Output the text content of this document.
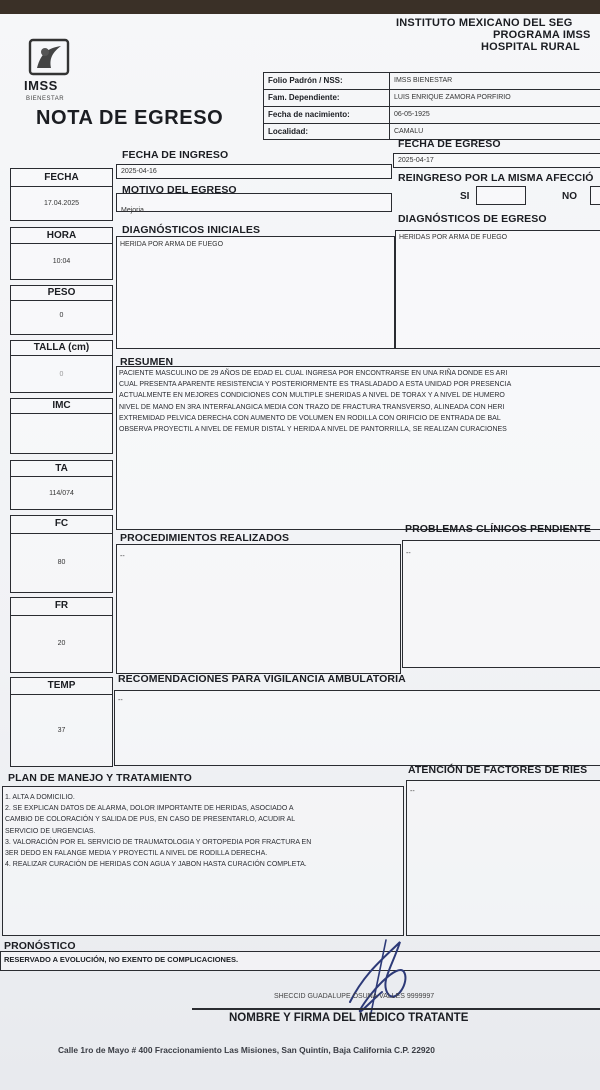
IMSS
BIENESTAR
NOTA DE EGRESO
INSTITUTO MEXICANO DEL SEG
PROGRAMA IMSS
HOSPITAL RURAL
Folio Padrón / NSS:	IMSS BIENESTAR
Fam. Dependiente:	LUIS ENRIQUE ZAMORA PORFIRIO
Fecha de nacimiento:	06-05-1925
Localidad:	CAMALU
FECHA DE INGRESO
2025-04-16
FECHA DE EGRESO
2025-04-17
MOTIVO DEL EGRESO
Mejoria
REINGRESO POR LA MISMA AFECCIÓ
SI	NO
FECHA
17.04.2025
HORA
10:04
PESO
0
TALLA (cm)
0
IMC
TA
114/074
FC
80
FR
20
TEMP
37
DIAGNÓSTICOS INICIALES
HERIDA POR ARMA DE FUEGO
DIAGNÓSTICOS DE EGRESO
HERIDAS POR ARMA DE FUEGO
RESUMEN
PACIENTE MASCULINO DE 29 AÑOS DE EDAD EL CUAL INGRESA POR ENCONTRARSE EN UNA RIÑA DONDE ES ARI
CUAL PRESENTA APARENTE RESISTENCIA Y POSTERIORMENTE ES TRASLADADO A ESTA UNIDAD POR PRESENCIA
ACTUALMENTE EN MEJORES CONDICIONES CON MULTIPLE SHERIDAS A NIVEL DE TORAX Y A NIVEL DE HUMERO
NIVEL DE MANO EN 3RA INTERFALANGICA MEDIA CON TRAZO DE FRACTURA TRANSVERSO, ALINEADA CON HERI
EXTREMIDAD PELVICA DERECHA CON AUMENTO DE VOLUMEN EN RODILLA CON ORIFICIO DE ENTRADA DE BAL
OBSERVA PROYECTIL A NIVEL DE FEMUR DISTAL Y HERIDA A NIVEL DE PANTORRILLA, SE REALIZAN CURACIONES
PROCEDIMIENTOS REALIZADOS
--
PROBLEMAS CLÍNICOS PENDIENTE
--
RECOMENDACIONES PARA VIGILANCIA AMBULATORIA
--
PLAN DE MANEJO Y TRATAMIENTO
1. ALTA A DOMICILIO.
2. SE EXPLICAN DATOS DE ALARMA, DOLOR IMPORTANTE DE HERIDAS, ASOCIADO A
CAMBIO DE COLORACIÓN Y SALIDA DE PUS, EN CASO DE PRESENTARLO, ACUDIR AL
SERVICIO DE URGENCIAS.
3. VALORACIÓN POR EL SERVICIO DE TRAUMATOLOGIA Y ORTOPEDIA POR FRACTURA EN
3ER DEDO EN FALANGE MEDIA Y PROYECTIL A NIVEL DE RODILLA DERECHA.
4. REALIZAR CURACIÓN DE HERIDAS CON AGUA Y JABON HASTA CURACIÓN COMPLETA.
ATENCIÓN DE FACTORES DE RIES
--
PRONÓSTICO
RESERVADO A EVOLUCIÓN, NO EXENTO DE COMPLICACIONES.
SHECCID GUADALUPE OSUNA VALLES 9999997
NOMBRE Y FIRMA DEL MEDICO TRATANTE
Calle 1ro de Mayo # 400 Fraccionamiento Las Misiones, San Quintín, Baja California C.P. 22920
